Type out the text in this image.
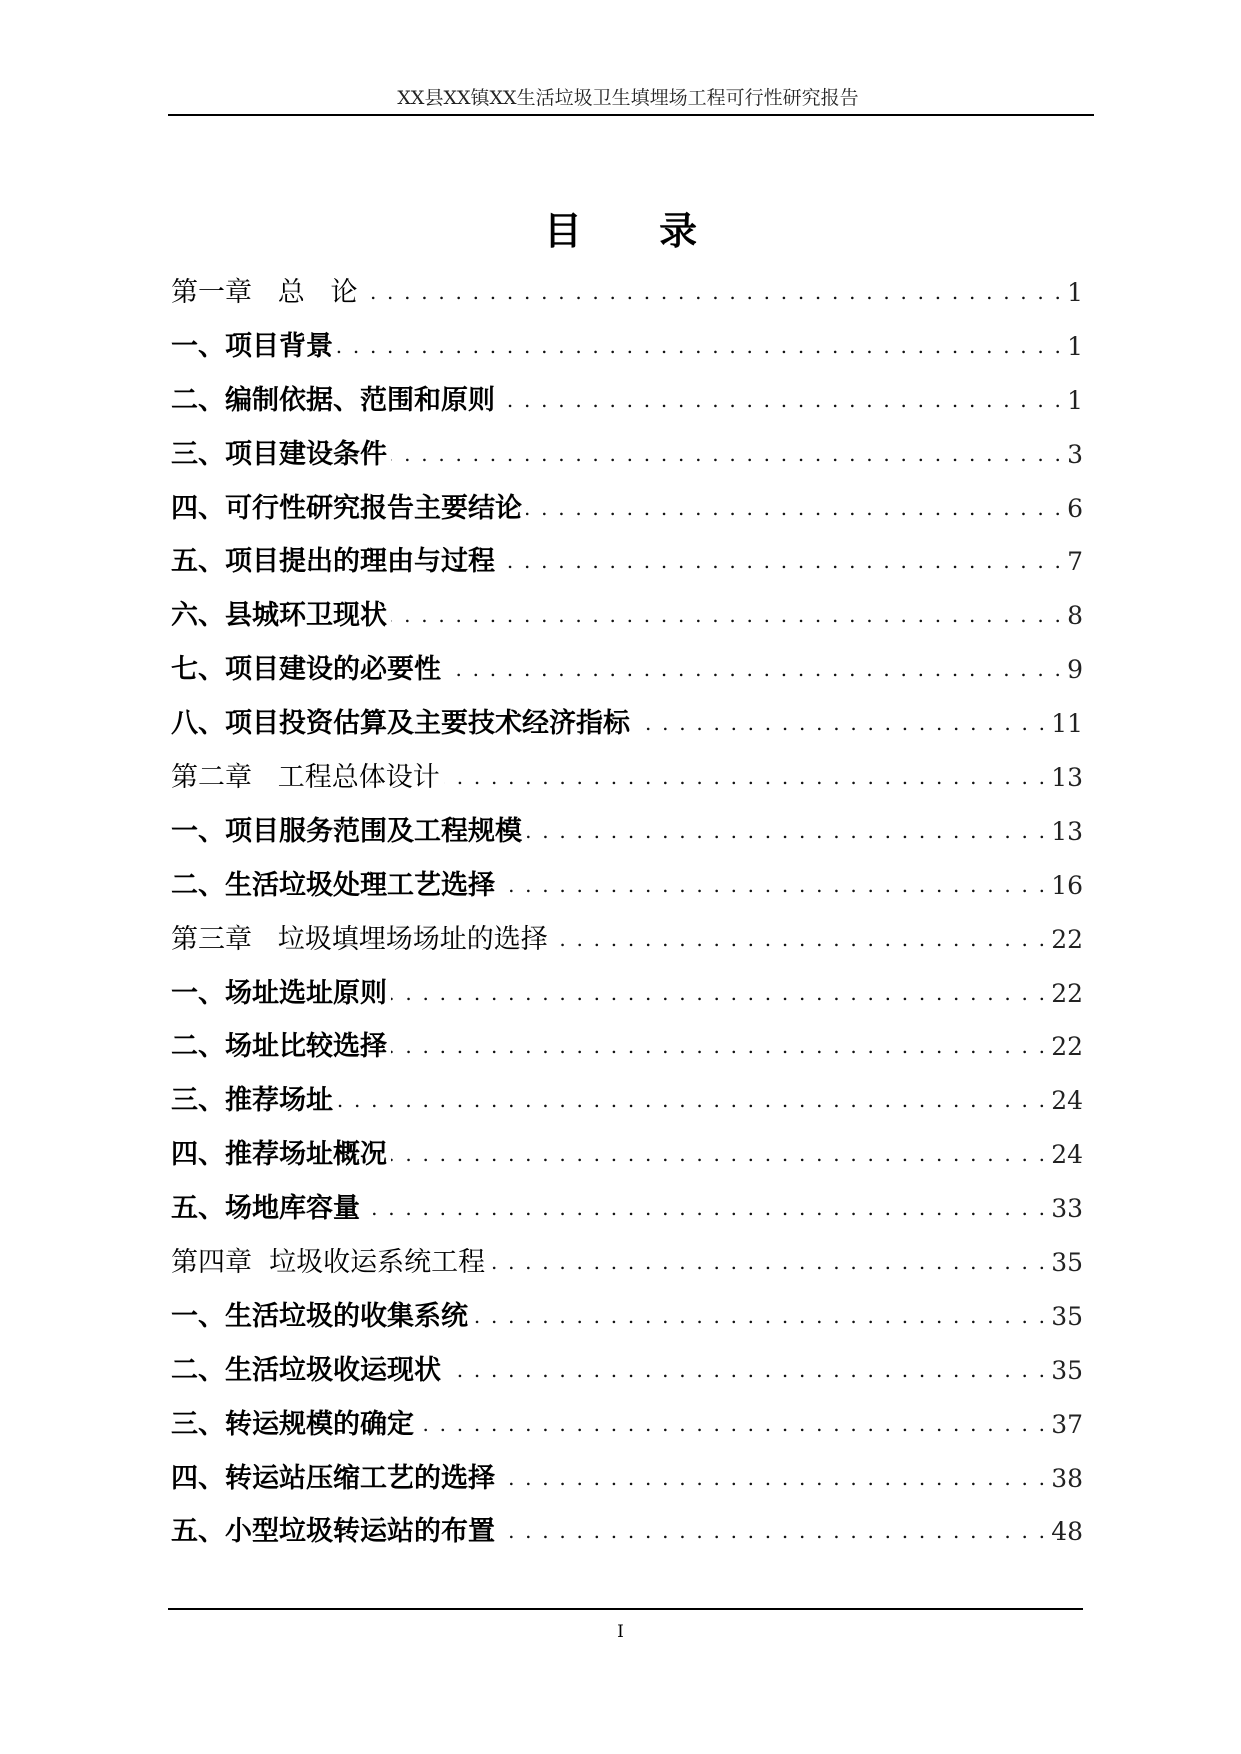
XX县XX镇XX生活垃圾卫生填埋场工程可行性研究报告
目 录
第一章   总   论 . . .	1
一、项目背景 . . .	1
二、编制依据、范围和原则 . . .	1
三、项目建设条件 . . .	3
四、可行性研究报告主要结论 . . .	6
五、项目提出的理由与过程 . . .	7
六、县城环卫现状 . . .	8
七、项目建设的必要性 . . .	9
八、项目投资估算及主要技术经济指标 . . .	11
第二章   工程总体设计 . . .	13
一、项目服务范围及工程规模 . . .	13
二、生活垃圾处理工艺选择 . . .	16
第三章   垃圾填埋场场址的选择 . . .	22
一、场址选址原则 . . .	22
二、场址比较选择 . . .	22
三、推荐场址 . . .	24
四、推荐场址概况 . . .	24
五、场地库容量 . . .	33
第四章  垃圾收运系统工程 . . .	35
一、生活垃圾的收集系统 . . .	35
二、生活垃圾收运现状 . . .	35
三、转运规模的确定 . . .	37
四、转运站压缩工艺的选择 . . .	38
五、小型垃圾转运站的布置 . . .	48
I
